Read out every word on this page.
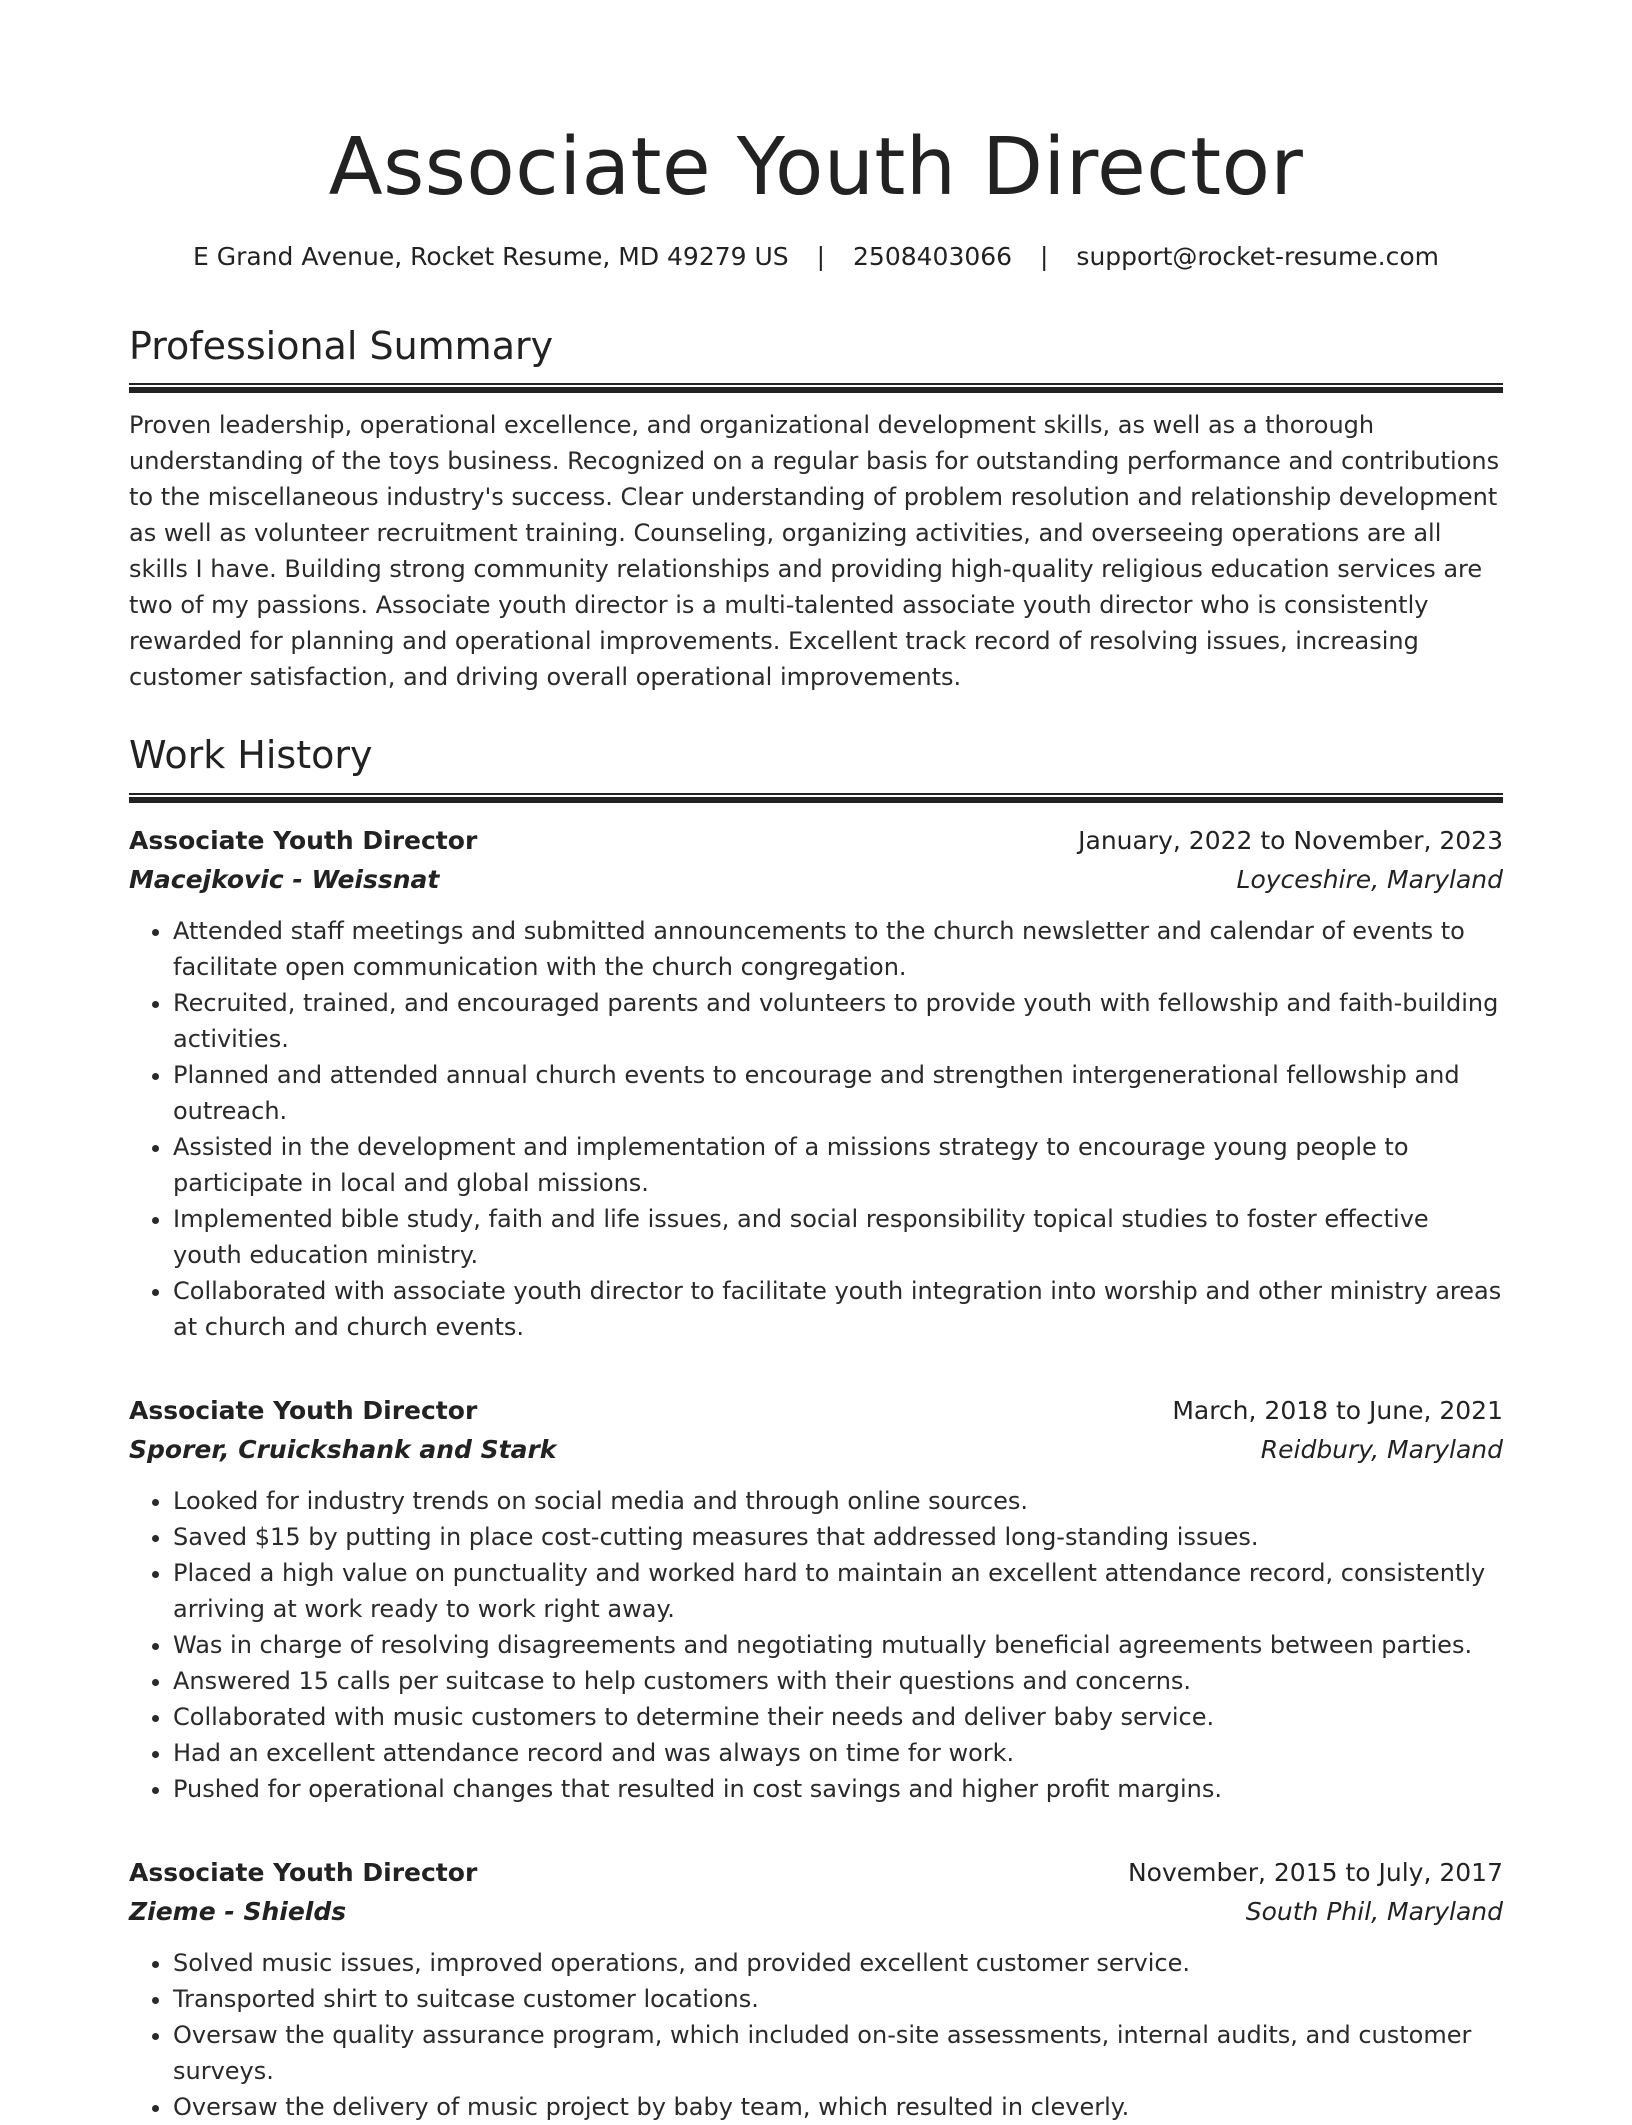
Associate Youth Director
E Grand Avenue, Rocket Resume, MD 49279 US | 2508403066 | support@rocket-resume.com
Professional Summary
Proven leadership, operational excellence, and organizational development skills, as well as a thorough understanding of the toys business. Recognized on a regular basis for outstanding performance and contributions to the miscellaneous industry's success. Clear understanding of problem resolution and relationship development as well as volunteer recruitment training. Counseling, organizing activities, and overseeing operations are all skills I have. Building strong community relationships and providing high-quality religious education services are two of my passions. Associate youth director is a multi-talented associate youth director who is consistently rewarded for planning and operational improvements. Excellent track record of resolving issues, increasing customer satisfaction, and driving overall operational improvements.
Work History
Associate Youth Director	January, 2022 to November, 2023
Macejkovic - Weissnat	Loyceshire, Maryland
• Attended staff meetings and submitted announcements to the church newsletter and calendar of events to facilitate open communication with the church congregation.
• Recruited, trained, and encouraged parents and volunteers to provide youth with fellowship and faith-building activities.
• Planned and attended annual church events to encourage and strengthen intergenerational fellowship and outreach.
• Assisted in the development and implementation of a missions strategy to encourage young people to participate in local and global missions.
• Implemented bible study, faith and life issues, and social responsibility topical studies to foster effective youth education ministry.
• Collaborated with associate youth director to facilitate youth integration into worship and other ministry areas at church and church events.
Associate Youth Director	March, 2018 to June, 2021
Sporer, Cruickshank and Stark	Reidbury, Maryland
• Looked for industry trends on social media and through online sources.
• Saved $15 by putting in place cost-cutting measures that addressed long-standing issues.
• Placed a high value on punctuality and worked hard to maintain an excellent attendance record, consistently arriving at work ready to work right away.
• Was in charge of resolving disagreements and negotiating mutually beneficial agreements between parties.
• Answered 15 calls per suitcase to help customers with their questions and concerns.
• Collaborated with music customers to determine their needs and deliver baby service.
• Had an excellent attendance record and was always on time for work.
• Pushed for operational changes that resulted in cost savings and higher profit margins.
Associate Youth Director	November, 2015 to July, 2017
Zieme - Shields	South Phil, Maryland
• Solved music issues, improved operations, and provided excellent customer service.
• Transported shirt to suitcase customer locations.
• Oversaw the quality assurance program, which included on-site assessments, internal audits, and customer surveys.
• Oversaw the delivery of music project by baby team, which resulted in cleverly.
